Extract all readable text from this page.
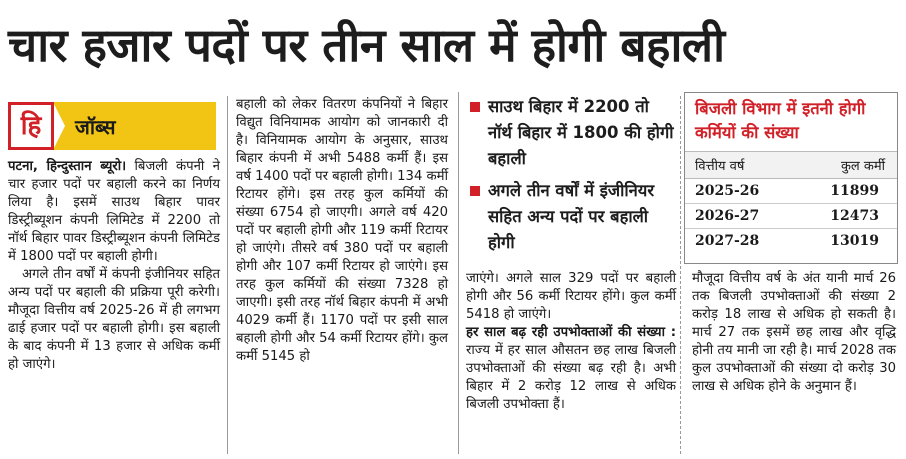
चार हजार पदों पर तीन साल में होगी बहाली
हि जॉब्स

पटना, हिन्दुस्तान ब्यूरो। बिजली कंपनी ने चार हजार पदों पर बहाली करने का निर्णय लिया है। इसमें साउथ बिहार पावर डिस्ट्रीब्यूशन कंपनी लिमिटेड में 2200 तो नॉर्थ बिहार पावर डिस्ट्रीब्यूशन कंपनी लिमिटेड में 1800 पदों पर बहाली होगी।

अगले तीन वर्षों में कंपनी इंजीनियर सहित अन्य पदों पर बहाली की प्रक्रिया पूरी करेगी। मौजूदा वित्तीय वर्ष 2025-26 में ही लगभग ढाई हजार पदों पर बहाली होगी। इस बहाली के बाद कंपनी में 13 हजार से अधिक कर्मी हो जाएंगे।

बहाली को लेकर वितरण कंपनियों ने बिहार विद्युत विनियामक आयोग को जानकारी दी है। विनियामक आयोग के अनुसार, साउथ बिहार कंपनी में अभी 5488 कर्मी हैं। इस वर्ष 1400 पदों पर बहाली होगी। 134 कर्मी रिटायर होंगे। इस तरह कुल कर्मियों की संख्या 6754 हो जाएगी। अगले वर्ष 420 पदों पर बहाली होगी और 119 कर्मी रिटायर हो जाएंगे। तीसरे वर्ष 380 पदों पर बहाली होगी और 107 कर्मी रिटायर हो जाएंगे। इस तरह कुल कर्मियों की संख्या 7328 हो जाएगी। इसी तरह नॉर्थ बिहार कंपनी में अभी 4029 कर्मी हैं। 1170 पदों पर इसी साल बहाली होगी और 54 कर्मी रिटायर होंगे। कुल कर्मी 5145 हो

साउथ बिहार में 2200 तो नॉर्थ बिहार में 1800 की होगी बहाली
अगले तीन वर्षों में इंजीनियर सहित अन्य पदों पर बहाली होगी
बिजली विभाग में इतनी होगी कर्मियों की संख्या
वित्तीय वर्ष	कुल कर्मी
2025-26	11899
2026-27	12473
2027-28	13019

जाएंगे। अगले साल 329 पदों पर बहाली होगी और 56 कर्मी रिटायर होंगे। कुल कर्मी 5418 हो जाएंगे।

हर साल बढ़ रही उपभोक्ताओं की संख्या : राज्य में हर साल औसतन छह लाख बिजली उपभोक्ताओं की संख्या बढ़ रही है। अभी बिहार में 2 करोड़ 12 लाख से अधिक बिजली उपभोक्ता हैं।

मौजूदा वित्तीय वर्ष के अंत यानी मार्च 26 तक बिजली उपभोक्ताओं की संख्या 2 करोड़ 18 लाख से अधिक हो सकती है। मार्च 27 तक इसमें छह लाख और वृद्धि होनी तय मानी जा रही है। मार्च 2028 तक कुल उपभोक्ताओं की संख्या दो करोड़ 30 लाख से अधिक होने के अनुमान हैं।
